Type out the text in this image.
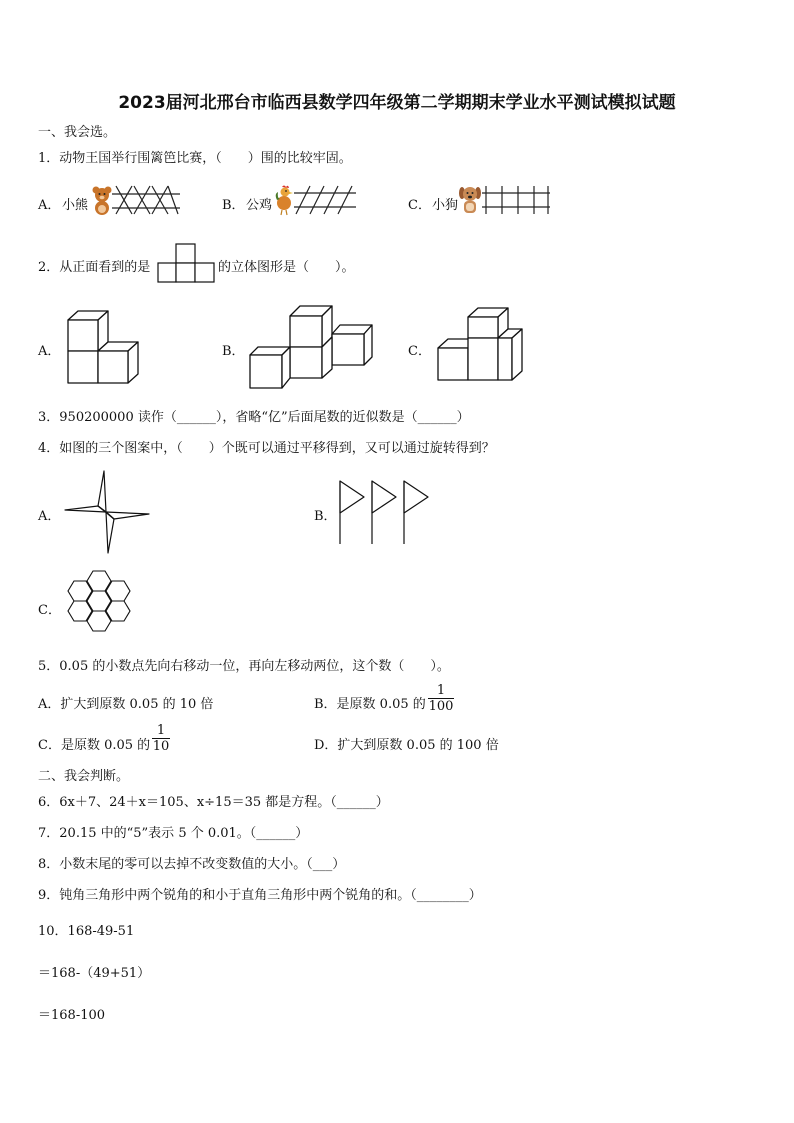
2023届河北邢台市临西县数学四年级第二学期期末学业水平测试模拟试题
一、我会选。
1．动物王国举行围篱笆比赛，（　　）围的比较牢固。
A． 小熊	B． 公鸡	C． 小狗
2．从正面看到的是	的立体图形是（　　）。
A．	B．	C．
3．950200000 读作（______），省略“亿”后面尾数的近似数是（______）
4．如图的三个图案中，（　　）个既可以通过平移得到，又可以通过旋转得到？
A．	B．
C．
5．0.05 的小数点先向右移动一位，再向左移动两位，这个数（　　）。
A．扩大到原数 0.05 的 10 倍	B．是原数 0.05 的 $\frac{1}{100}$
C．是原数 0.05 的 $\frac{1}{10}$	D．扩大到原数 0.05 的 100 倍
二、我会判断。
6．6x＋7、24＋x＝105、x÷15＝35 都是方程。（______）
7．20.15 中的“5”表示 5 个 0.01。（______）
8．小数末尾的零可以去掉不改变数值的大小。（___）
9．钝角三角形中两个锐角的和小于直角三角形中两个锐角的和。（________）
10．168-49-51
＝168-（49+51）
＝168-100
